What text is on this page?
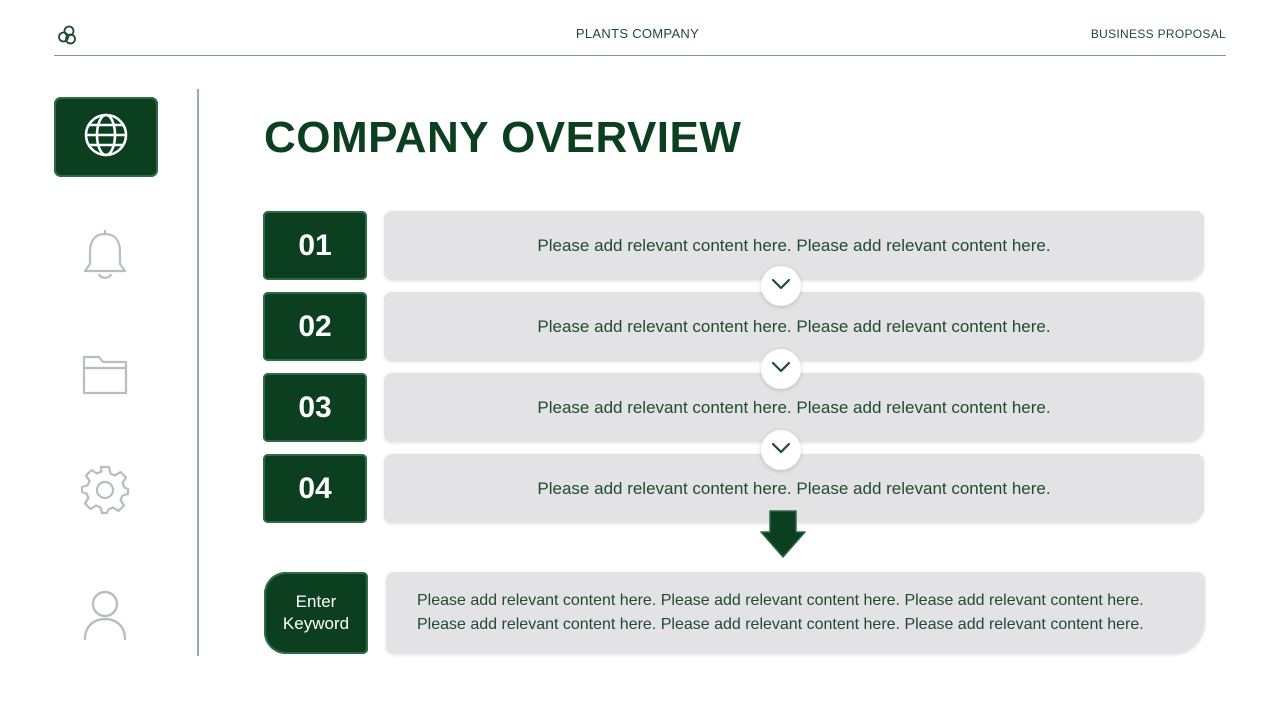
PLANTS COMPANY	BUSINESS PROPOSAL
COMPANY OVERVIEW
01	Please add relevant content here. Please add relevant content here.
02	Please add relevant content here. Please add relevant content here.
03	Please add relevant content here. Please add relevant content here.
04	Please add relevant content here. Please add relevant content here.
Enter Keyword
Please add relevant content here. Please add relevant content here. Please add relevant content here.
Please add relevant content here. Please add relevant content here. Please add relevant content here.
